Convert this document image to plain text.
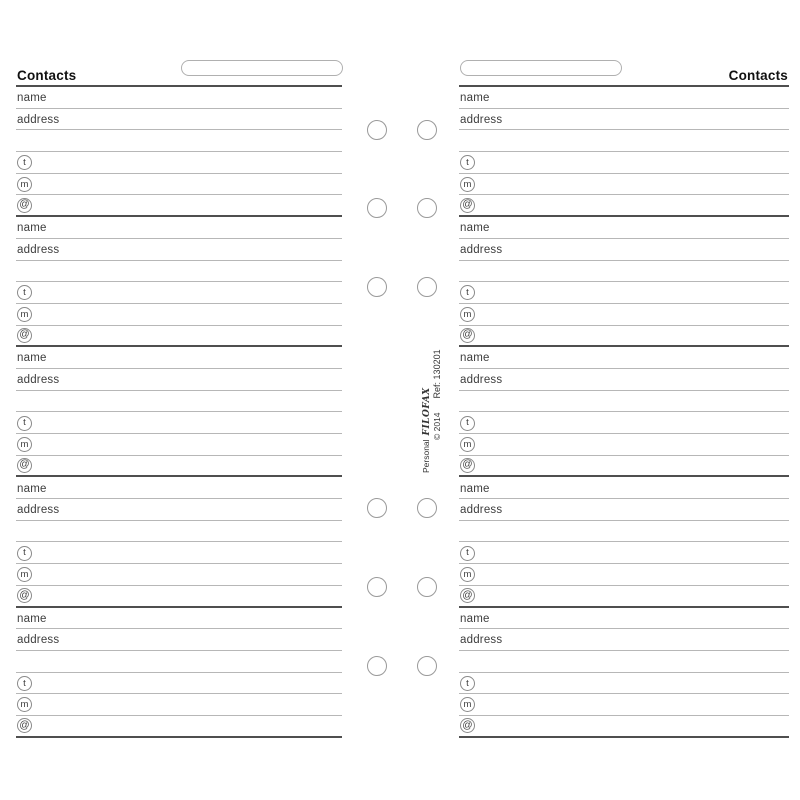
Contacts
name
address
t
m
@
name
address
t
m
@
name
address
t
m
@
name
address
t
m
@
name
address
t
m
@
Contacts
name
address
t
m
@
name
address
t
m
@
name
address
t
m
@
name
address
t
m
@
name
address
t
m
@
Personal
filofax © 2014
Ref: 130201
